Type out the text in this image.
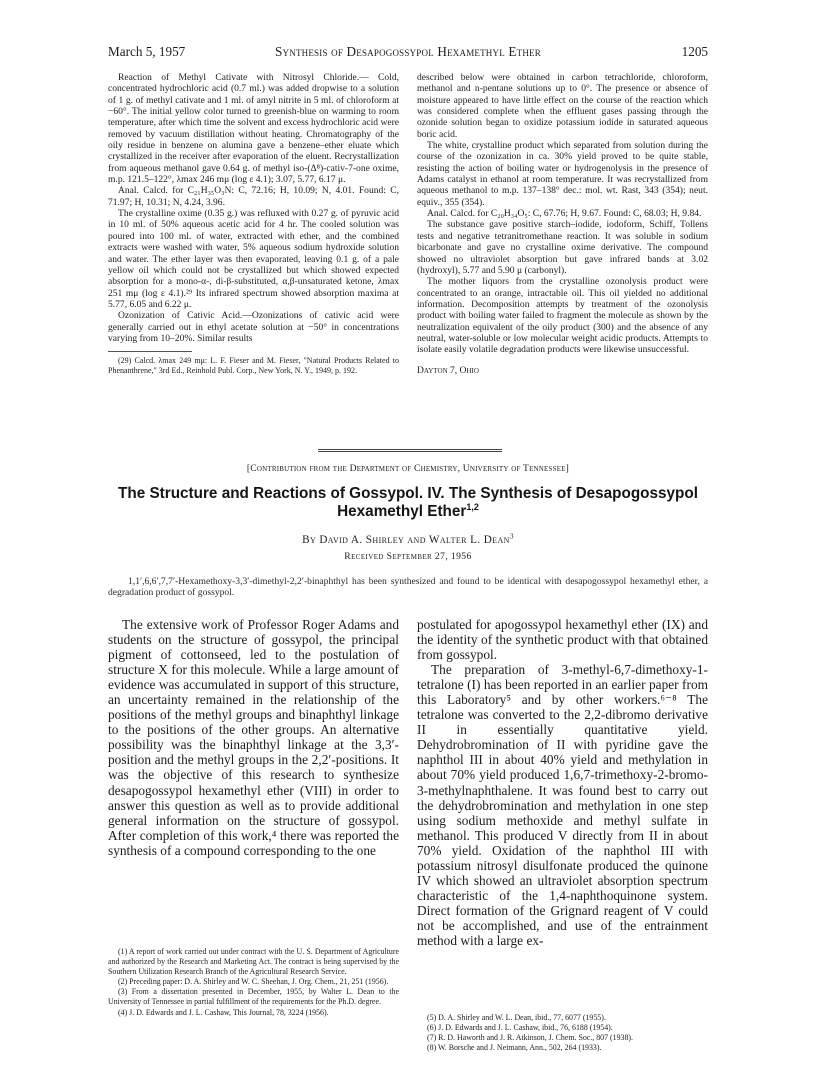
March 5, 1957	Synthesis of Desapogossypol Hexamethyl Ether	1205

Reaction of Methyl Cativate with Nitrosyl Chloride.— Cold, concentrated hydrochloric acid (0.7 ml.) was added dropwise to a solution of 1 g. of methyl cativate and 1 ml. of amyl nitrite in 5 ml. of chloroform at −60°. The initial yellow color turned to greenish-blue on warming to room temperature, after which time the solvent and excess hydrochloric acid were removed by vacuum distillation without heating. Chromatography of the oily residue in benzene on alumina gave a benzene–ether eluate which crystallized in the receiver after evaporation of the eluent. Recrystallization from aqueous methanol gave 0.64 g. of methyl iso-(Δ⁸)-cativ-7-one oxime, m.p. 121.5–122°, λmax 246 mμ (log ε 4.1); 3.07, 5.77, 6.17 μ.

Anal. Calcd. for C₂₁H₃₅O₃N: C, 72.16; H, 10.09; N, 4.01. Found: C, 71.97; H, 10.31; N, 4.24, 3.96.

The crystalline oxime (0.35 g.) was refluxed with 0.27 g. of pyruvic acid in 10 ml. of 50% aqueous acetic acid for 4 hr. The cooled solution was poured into 100 ml. of water, extracted with ether, and the combined extracts were washed with water, 5% aqueous sodium hydroxide solution and water. The ether layer was then evaporated, leaving 0.1 g. of a pale yellow oil which could not be crystallized but which showed expected absorption for a mono-α-, di-β-substituted, α,β-unsaturated ketone, λmax 251 mμ (log ε 4.1).²⁹ Its infrared spectrum showed absorption maxima at 5.77, 6.05 and 6.22 μ.

Ozonization of Cativic Acid.—Ozonizations of cativic acid were generally carried out in ethyl acetate solution at −50° in concentrations varying from 10–20%. Similar results

(29) Calcd. λmax 249 mμ: L. F. Fieser and M. Fieser, "Natural Products Related to Phenanthrene," 3rd Ed., Reinhold Publ. Corp., New York, N. Y., 1949, p. 192.

described below were obtained in carbon tetrachloride, chloroform, methanol and n-pentane solutions up to 0°. The presence or absence of moisture appeared to have little effect on the course of the reaction which was considered complete when the effluent gases passing through the ozonide solution began to oxidize potassium iodide in saturated aqueous boric acid.

The white, crystalline product which separated from solution during the course of the ozonization in ca. 30% yield proved to be quite stable, resisting the action of boiling water or hydrogenolysis in the presence of Adams catalyst in ethanol at room temperature. It was recrystallized from aqueous methanol to m.p. 137–138° dec.: mol. wt. Rast, 343 (354); neut. equiv., 355 (354).

Anal. Calcd. for C₂₀H₃₄O₅: C, 67.76; H, 9.67. Found: C, 68.03; H, 9.84.

The substance gave positive starch–iodide, iodoform, Schiff, Tollens tests and negative tetranitromethane reaction. It was soluble in sodium bicarbonate and gave no crystalline oxime derivative. The compound showed no ultraviolet absorption but gave infrared bands at 3.02 (hydroxyl), 5.77 and 5.90 μ (carbonyl).

The mother liquors from the crystalline ozonolysis product were concentrated to an orange, intractable oil. This oil yielded no additional information. Decomposition attempts by treatment of the ozonolysis product with boiling water failed to fragment the molecule as shown by the neutralization equivalent of the oily product (300) and the absence of any neutral, water-soluble or low molecular weight acidic products. Attempts to isolate easily volatile degradation products were likewise unsuccessful.

Dayton 7, Ohio
[Contribution from the Department of Chemistry, University of Tennessee]
The Structure and Reactions of Gossypol. IV. The Synthesis of Desapogossypol
Hexamethyl Ether$^{1,2}$
By David A. Shirley and Walter L. Dean$^3$
Received September 27, 1956
1,1′,6,6′,7,7′-Hexamethoxy-3,3′-dimethyl-2,2′-binaphthyl has been synthesized and found to be identical with desapogossypol hexamethyl ether, a degradation product of gossypol.

The extensive work of Professor Roger Adams and students on the structure of gossypol, the principal pigment of cottonseed, led to the postulation of structure X for this molecule. While a large amount of evidence was accumulated in support of this structure, an uncertainty remained in the relationship of the positions of the methyl groups and binaphthyl linkage to the positions of the other groups. An alternative possibility was the binaphthyl linkage at the 3,3′-position and the methyl groups in the 2,2′-positions. It was the objective of this research to synthesize desapogossypol hexamethyl ether (VIII) in order to answer this question as well as to provide additional general information on the structure of gossypol. After completion of this work,⁴ there was reported the synthesis of a compound corresponding to the one

postulated for apogossypol hexamethyl ether (IX) and the identity of the synthetic product with that obtained from gossypol.

The preparation of 3-methyl-6,7-dimethoxy-1-tetralone (I) has been reported in an earlier paper from this Laboratory⁵ and by other workers.⁶⁻⁸ The tetralone was converted to the 2,2-dibromo derivative II in essentially quantitative yield. Dehydrobromination of II with pyridine gave the naphthol III in about 40% yield and methylation in about 70% yield produced 1,6,7-trimethoxy-2-bromo-3-methylnaphthalene. It was found best to carry out the dehydrobromination and methylation in one step using sodium methoxide and methyl sulfate in methanol. This produced V directly from II in about 70% yield. Oxidation of the naphthol III with potassium nitrosyl disulfonate produced the quinone IV which showed an ultraviolet absorption spectrum characteristic of the 1,4-naphthoquinone system. Direct formation of the Grignard reagent of V could not be accomplished, and use of the entrainment method with a large ex-

(1) A report of work carried out under contract with the U. S. Department of Agriculture and authorized by the Research and Marketing Act. The contract is being supervised by the Southern Utilization Research Branch of the Agricultural Research Service.

(2) Preceding paper: D. A. Shirley and W. C. Sheehan, J. Org. Chem., 21, 251 (1956).

(3) From a dissertation presented in December, 1955, by Walter L. Dean to the University of Tennessee in partial fulfillment of the requirements for the Ph.D. degree.

(4) J. D. Edwards and J. L. Cashaw, This Journal, 78, 3224 (1956).

(5) D. A. Shirley and W. L. Dean, ibid., 77, 6077 (1955).

(6) J. D. Edwards and J. L. Cashaw, ibid., 76, 6188 (1954).

(7) R. D. Haworth and J. R. Atkinson, J. Chem. Soc., 807 (1938).

(8) W. Borsche and J. Neimann, Ann., 502, 264 (1933).
